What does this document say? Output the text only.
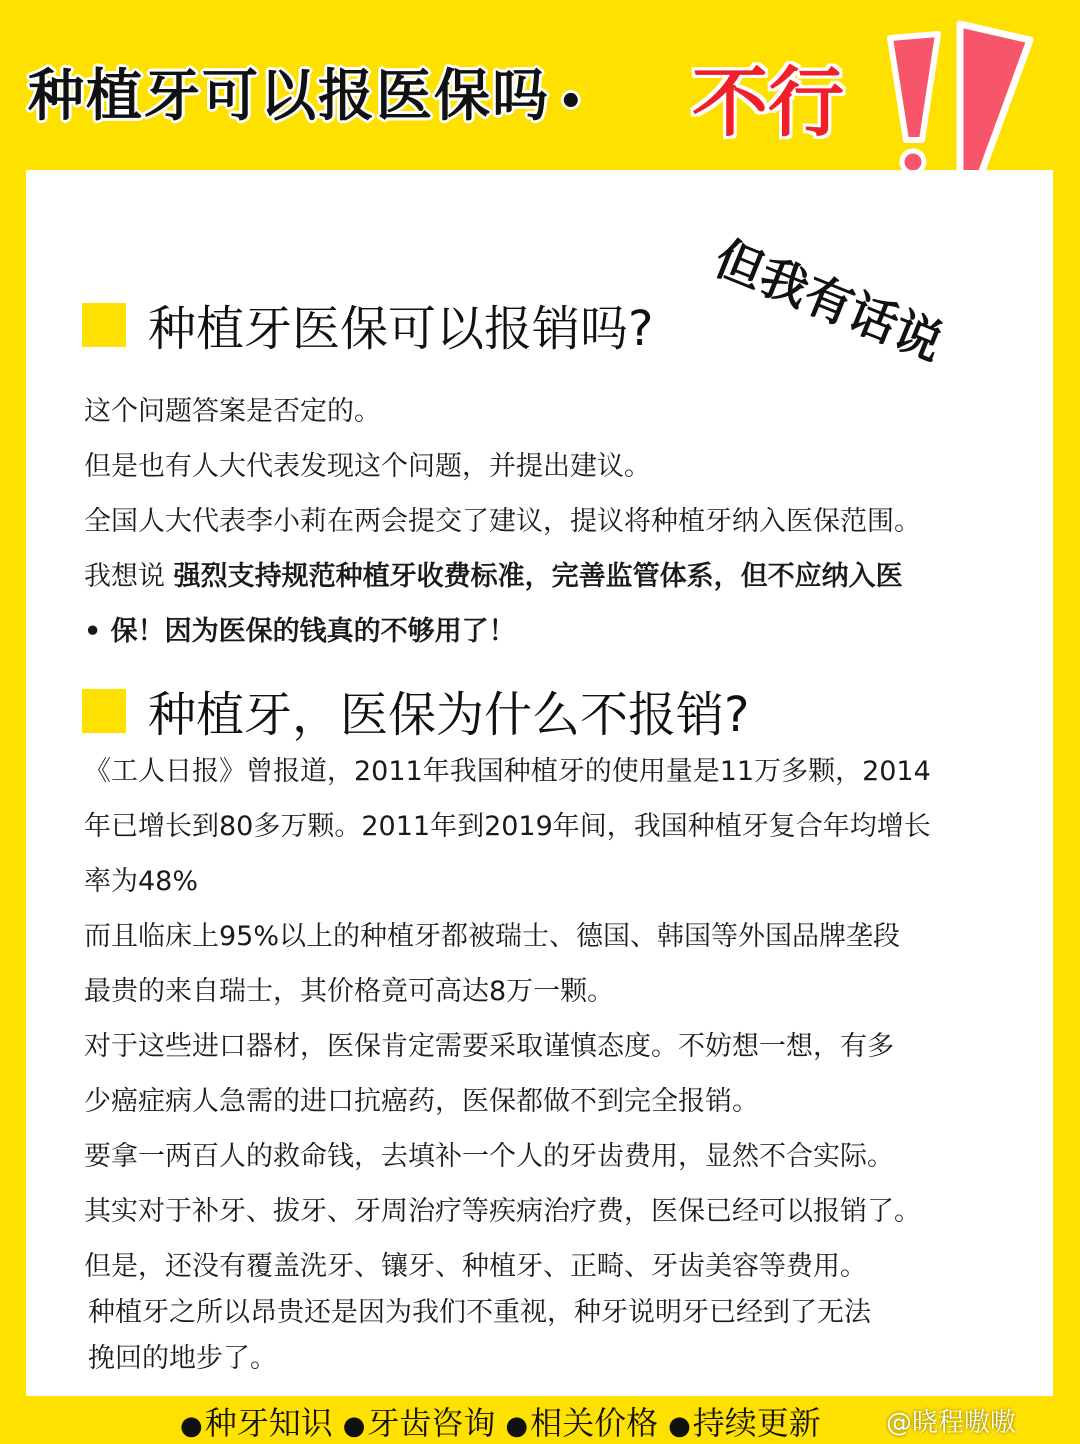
种植牙可以报医保吗 • 不行
但我有话说
种植牙医保可以报销吗?

这个问题答案是否定的。

但是也有人大代表发现这个问题，并提出建议。

全国人大代表李小莉在两会提交了建议，提议将种植牙纳入医保范围。

我想说 强烈支持规范种植牙收费标准，完善监管体系，但不应纳入医

• 保！因为医保的钱真的不够用了！

种植牙，医保为什么不报销?

《工人日报》曾报道，2011年我国种植牙的使用量是11万多颗，2014

年已增长到80多万颗。2011年到2019年间，我国种植牙复合年均增长

率为48%

而且临床上95%以上的种植牙都被瑞士、德国、韩国等外国品牌垄段

最贵的来自瑞士，其价格竟可高达8万一颗。

对于这些进口器材，医保肯定需要采取谨慎态度。不妨想一想，有多

少癌症病人急需的进口抗癌药，医保都做不到完全报销。

要拿一两百人的救命钱，去填补一个人的牙齿费用，显然不合实际。

其实对于补牙、拔牙、牙周治疗等疾病治疗费，医保已经可以报销了。

但是，还没有覆盖洗牙、镶牙、种植牙、正畸、牙齿美容等费用。

种植牙之所以昂贵还是因为我们不重视，种牙说明牙已经到了无法

挽回的地步了。

●种牙知识 ●牙齿咨询 ●相关价格 ●持续更新	@晓程嗷嗷
